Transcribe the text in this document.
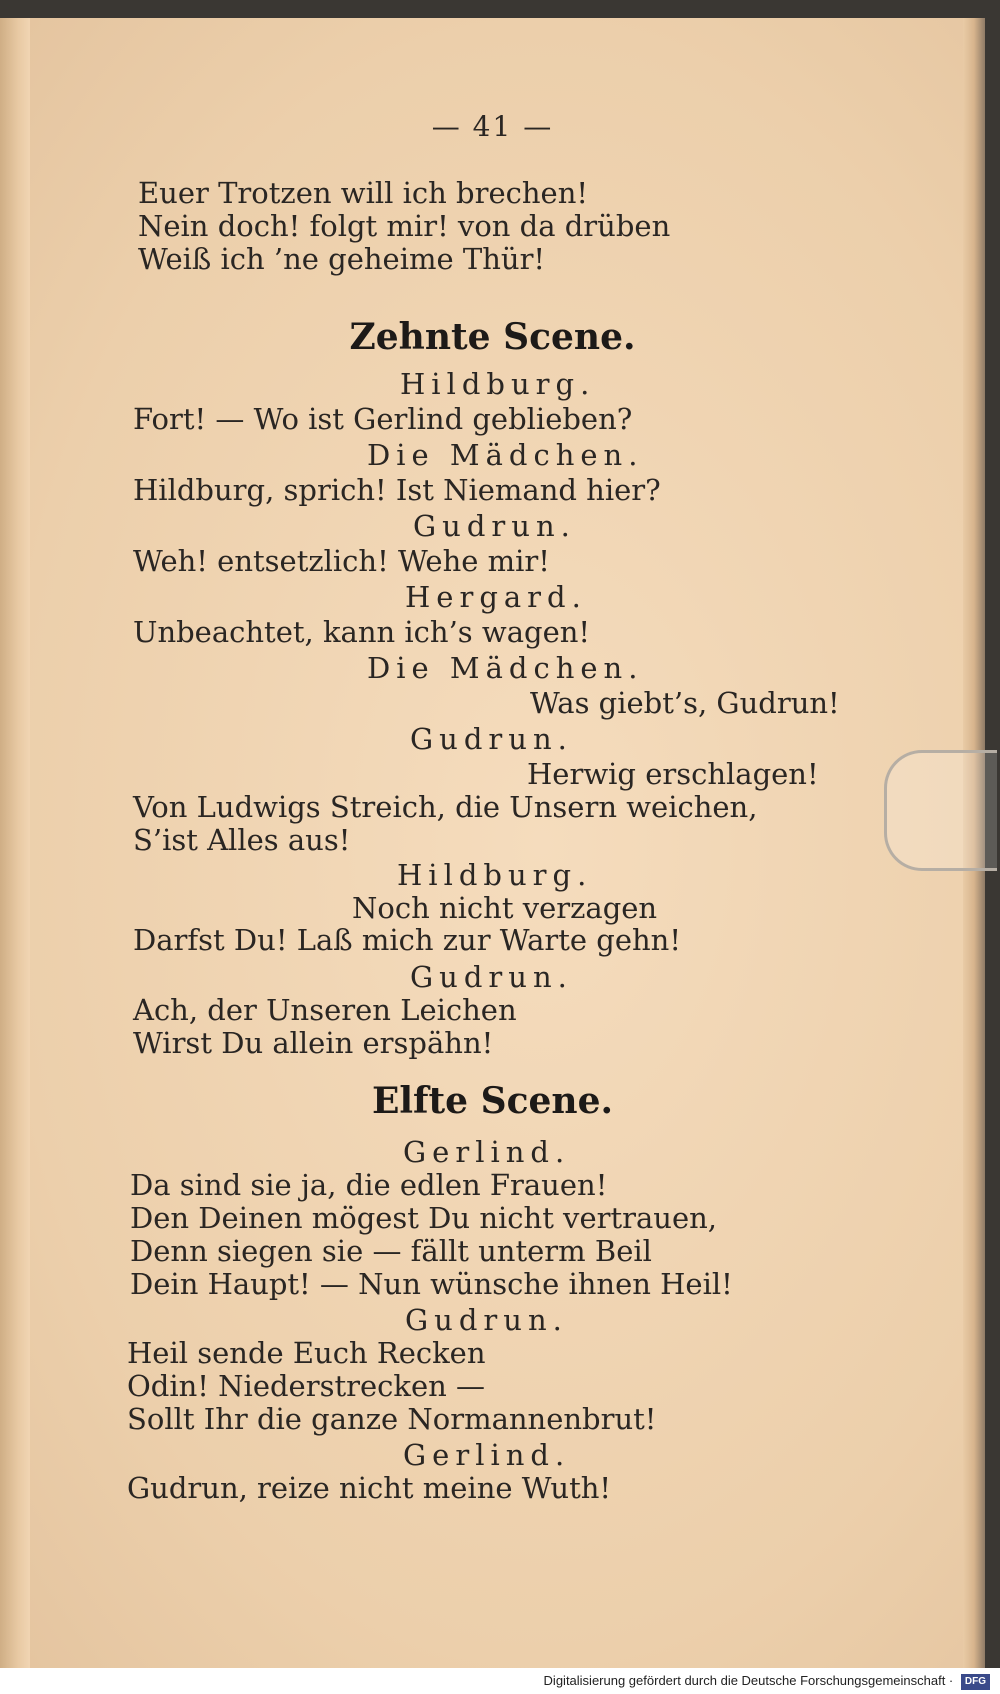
— 41 —
Euer Trotzen will ich brechen!
Nein doch! folgt mir! von da drüben
Weiß ich ’ne geheime Thür!
Zehnte Scene.
Hildburg.
Fort! — Wo ist Gerlind geblieben?
Die Mädchen.
Hildburg, sprich! Ist Niemand hier?
Gudrun.
Weh! entsetzlich! Wehe mir!
Hergard.
Unbeachtet, kann ich’s wagen!
Die Mädchen.
Was giebt’s, Gudrun!
Gudrun.
Herwig erschlagen!
Von Ludwigs Streich, die Unsern weichen,
S’ist Alles aus!
Hildburg.
Noch nicht verzagen
Darfst Du! Laß mich zur Warte gehn!
Gudrun.
Ach, der Unseren Leichen
Wirst Du allein erspähn!
Elfte Scene.
Gerlind.
Da sind sie ja, die edlen Frauen!
Den Deinen mögest Du nicht vertrauen,
Denn siegen sie — fällt unterm Beil
Dein Haupt! — Nun wünsche ihnen Heil!
Gudrun.
Heil sende Euch Recken
Odin! Niederstrecken —
Sollt Ihr die ganze Normannenbrut!
Gerlind.
Gudrun, reize nicht meine Wuth!
Digitalisierung gefördert durch die Deutsche Forschungsgemeinschaft · DFG
